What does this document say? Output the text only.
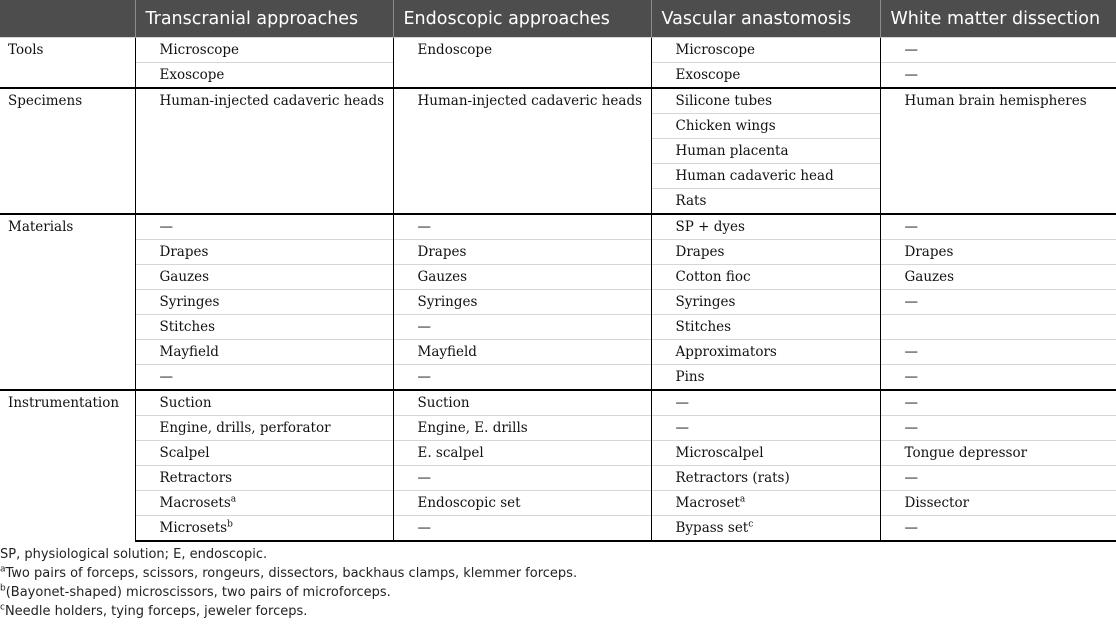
	Transcranial approaches	Endoscopic approaches	Vascular anastomosis	White matter dissection
Tools	Microscope	Endoscope	Microscope	—
	Exoscope		Exoscope	—
Specimens	Human-injected cadaveric heads	Human-injected cadaveric heads	Silicone tubes	Human brain hemispheres
			Chicken wings	
			Human placenta	
			Human cadaveric head	
			Rats	
Materials	—	—	SP + dyes	—
	Drapes	Drapes	Drapes	Drapes
	Gauzes	Gauzes	Cotton fioc	Gauzes
	Syringes	Syringes	Syringes	—
	Stitches	—	Stitches	
	Mayfield	Mayfield	Approximators	—
	—	—	Pins	—
Instrumentation	Suction	Suction	—	—
	Engine, drills, perforator	Engine, E. drills	—	—
	Scalpel	E. scalpel	Microscalpel	Tongue depressor
	Retractors	—	Retractors (rats)	—
	Macrosets$^a$	Endoscopic set	Macroset$^a$	Dissector
	Microsets$^b$	—	Bypass set$^c$	—
SP, physiological solution; E, endoscopic.
$^a$Two pairs of forceps, scissors, rongeurs, dissectors, backhaus clamps, klemmer forceps.
$^b$(Bayonet-shaped) microscissors, two pairs of microforceps.
$^c$Needle holders, tying forceps, jeweler forceps.
